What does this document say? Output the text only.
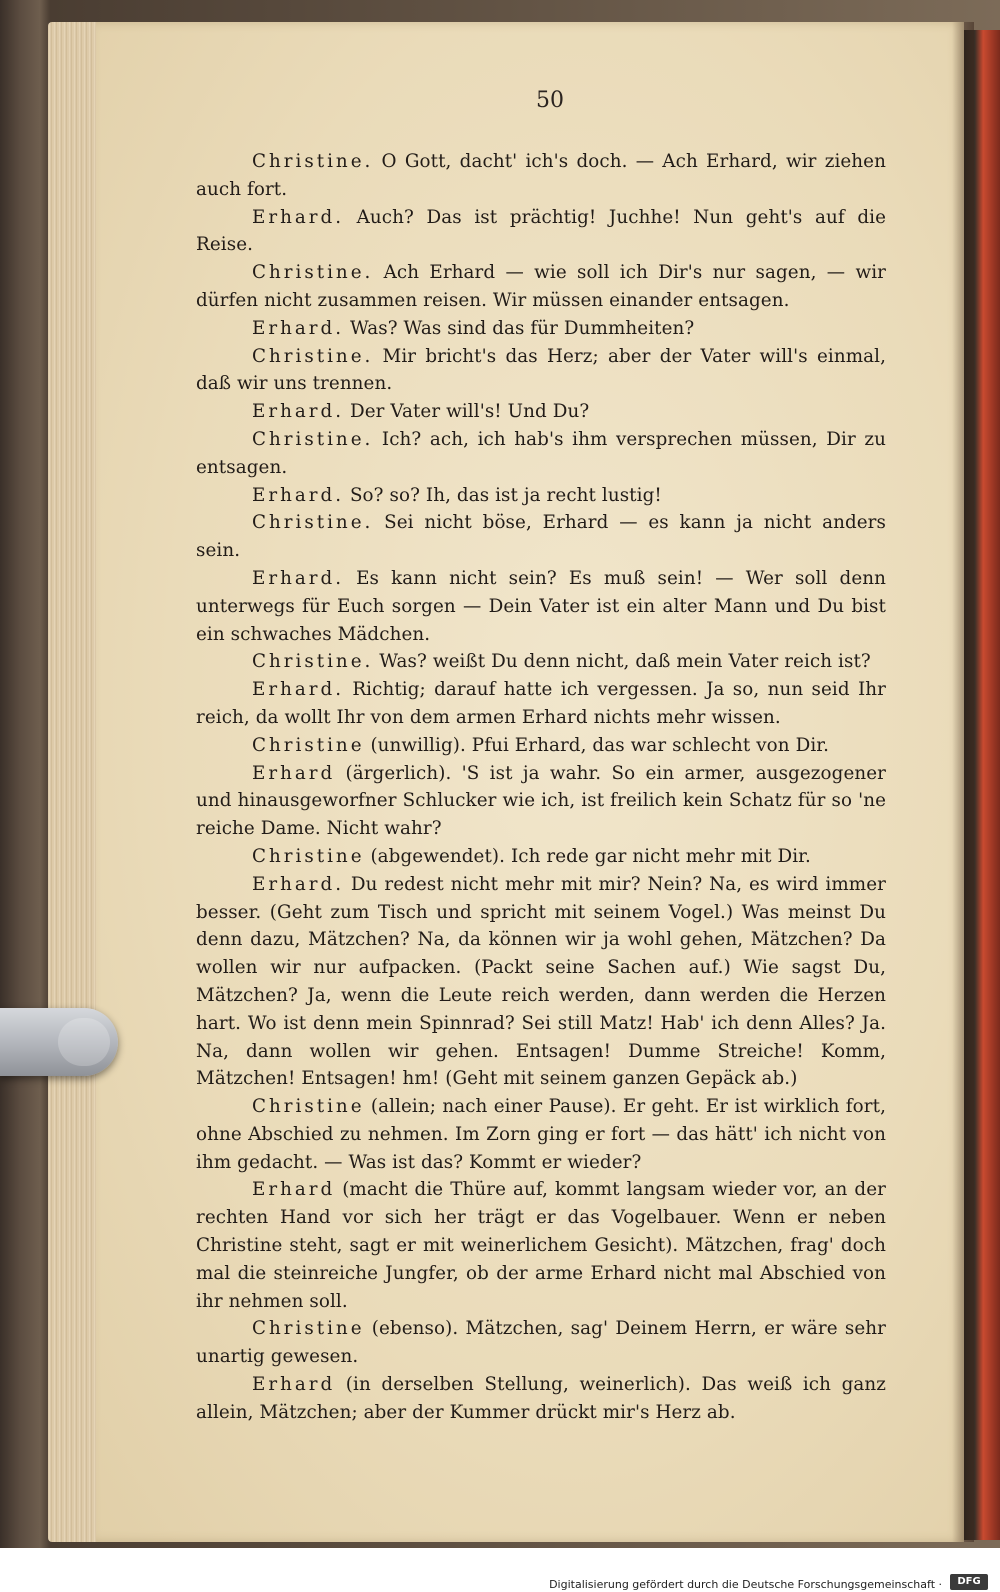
50

Christine. O Gott, dacht' ich's doch. — Ach Erhard, wir ziehen auch fort.

Erhard. Auch? Das ist prächtig! Juchhe! Nun geht's auf die Reise.

Christine. Ach Erhard — wie soll ich Dir's nur sagen, — wir dürfen nicht zusammen reisen. Wir müssen einander entsagen.

Erhard. Was? Was sind das für Dummheiten?

Christine. Mir bricht's das Herz; aber der Vater will's einmal, daß wir uns trennen.

Erhard. Der Vater will's! Und Du?

Christine. Ich? ach, ich hab's ihm versprechen müssen, Dir zu entsagen.

Erhard. So? so? Ih, das ist ja recht lustig!

Christine. Sei nicht böse, Erhard — es kann ja nicht anders sein.

Erhard. Es kann nicht sein? Es muß sein! — Wer soll denn unterwegs für Euch sorgen — Dein Vater ist ein alter Mann und Du bist ein schwaches Mädchen.

Christine. Was? weißt Du denn nicht, daß mein Vater reich ist?

Erhard. Richtig; darauf hatte ich vergessen. Ja so, nun seid Ihr reich, da wollt Ihr von dem armen Erhard nichts mehr wissen.

Christine (unwillig). Pfui Erhard, das war schlecht von Dir.

Erhard (ärgerlich). 'S ist ja wahr. So ein armer, ausgezogener und hinausgeworfner Schlucker wie ich, ist freilich kein Schatz für so 'ne reiche Dame. Nicht wahr?

Christine (abgewendet). Ich rede gar nicht mehr mit Dir.

Erhard. Du redest nicht mehr mit mir? Nein? Na, es wird immer besser. (Geht zum Tisch und spricht mit seinem Vogel.) Was meinst Du denn dazu, Mätzchen? Na, da können wir ja wohl gehen, Mätzchen? Da wollen wir nur aufpacken. (Packt seine Sachen auf.) Wie sagst Du, Mätzchen? Ja, wenn die Leute reich werden, dann werden die Herzen hart. Wo ist denn mein Spinnrad? Sei still Matz! Hab' ich denn Alles? Ja. Na, dann wollen wir gehen. Entsagen! Dumme Streiche! Komm, Mätzchen! Entsagen! hm! (Geht mit seinem ganzen Gepäck ab.)

Christine (allein; nach einer Pause). Er geht. Er ist wirklich fort, ohne Abschied zu nehmen. Im Zorn ging er fort — das hätt' ich nicht von ihm gedacht. — Was ist das? Kommt er wieder?

Erhard (macht die Thüre auf, kommt langsam wieder vor, an der rechten Hand vor sich her trägt er das Vogelbauer. Wenn er neben Christine steht, sagt er mit weinerlichem Gesicht). Mätzchen, frag' doch mal die steinreiche Jungfer, ob der arme Erhard nicht mal Abschied von ihr nehmen soll.

Christine (ebenso). Mätzchen, sag' Deinem Herrn, er wäre sehr unartig gewesen.

Erhard (in derselben Stellung, weinerlich). Das weiß ich ganz allein, Mätzchen; aber der Kummer drückt mir's Herz ab.

Digitalisierung gefördert durch die Deutsche Forschungsgemeinschaft ·	DFG
